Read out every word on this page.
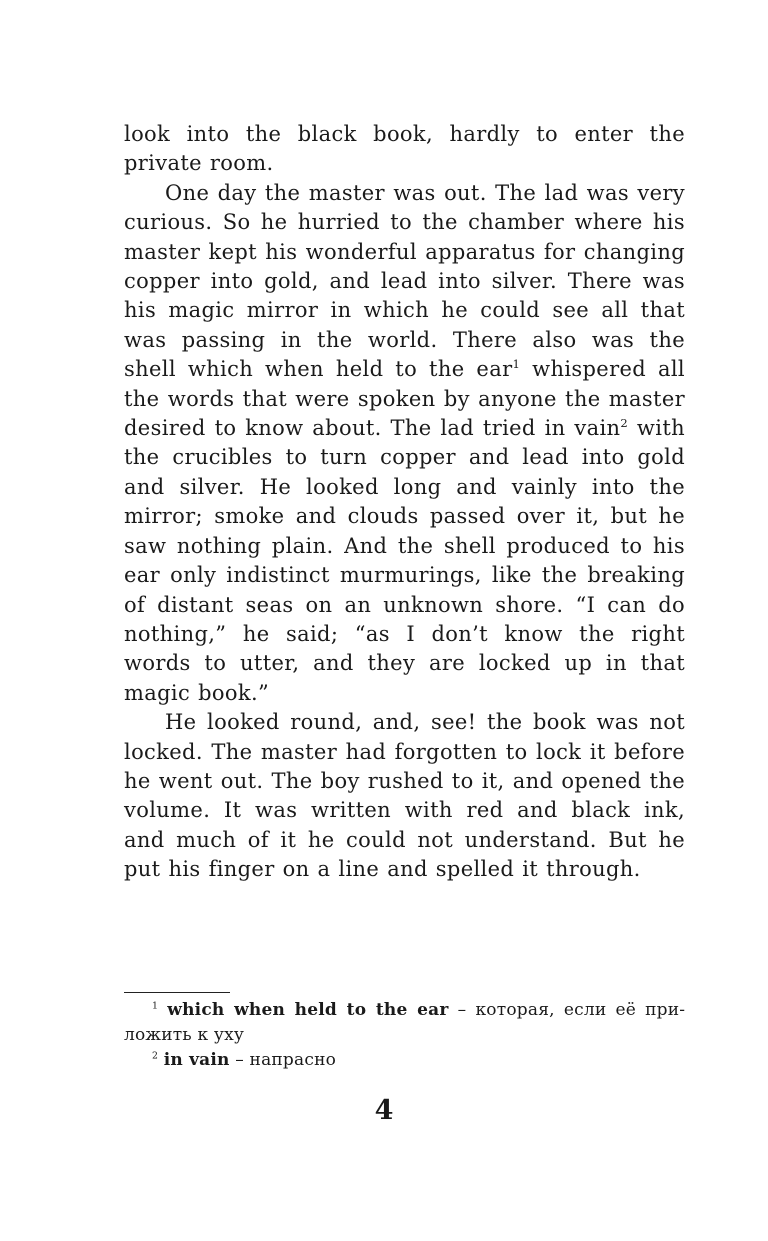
look into the black book, hardly to enter the private room.

One day the master was out. The lad was very curious. So he hurried to the chamber where his master kept his wonderful apparatus for changing copper into gold, and lead into silver. There was his magic mirror in which he could see all that was passing in the world. There also was the shell which when held to the ear$^1$ whispered all the words that were spoken by anyone the master desired to know about. The lad tried in vain$^2$ with the crucibles to turn copper and lead into gold and silver. He looked long and vainly into the mirror; smoke and clouds passed over it, but he saw nothing plain. And the shell produced to his ear only indistinct murmurings, like the breaking of distant seas on an unknown shore. “I can do nothing,” he said; “as I don’t know the right words to utter, and they are locked up in that magic book.”

He looked round, and, see! the book was not locked. The master had forgotten to lock it before he went out. The boy rushed to it, and opened the volume. It was written with red and black ink, and much of it he could not understand. But he put his finger on a line and spelled it through.

$^1$ which when held to the ear – которая, если её приложить к уху

$^2$ in vain – напрасно

4
